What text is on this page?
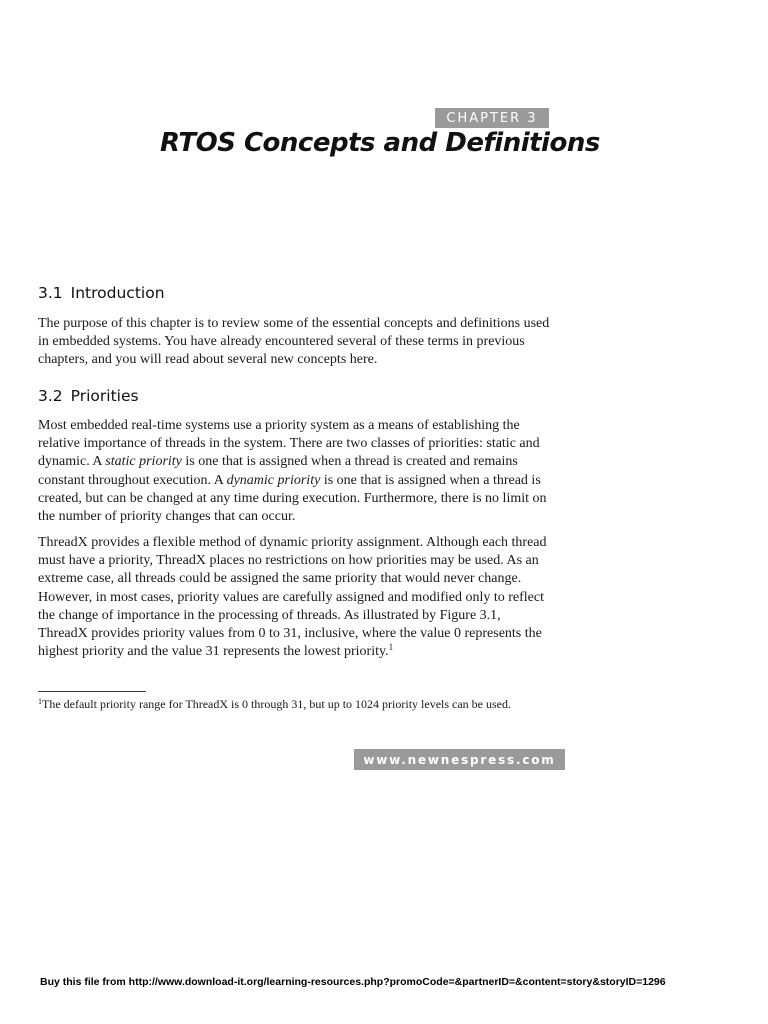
CHAPTER 3
RTOS Concepts and Definitions
3.1 Introduction

The purpose of this chapter is to review some of the essential concepts and definitions used in embedded systems. You have already encountered several of these terms in previous chapters, and you will read about several new concepts here.

3.2 Priorities

Most embedded real-time systems use a priority system as a means of establishing the relative importance of threads in the system. There are two classes of priorities: static and dynamic. A static priority is one that is assigned when a thread is created and remains constant throughout execution. A dynamic priority is one that is assigned when a thread is created, but can be changed at any time during execution. Furthermore, there is no limit on the number of priority changes that can occur.

ThreadX provides a flexible method of dynamic priority assignment. Although each thread must have a priority, ThreadX places no restrictions on how priorities may be used. As an extreme case, all threads could be assigned the same priority that would never change. However, in most cases, priority values are carefully assigned and modified only to reflect the change of importance in the processing of threads. As illustrated by Figure 3.1, ThreadX provides priority values from 0 to 31, inclusive, where the value 0 represents the highest priority and the value 31 represents the lowest priority.$^1$

$^1$The default priority range for ThreadX is 0 through 31, but up to 1024 priority levels can be used.

www.newnespress.com
Buy this file from http://www.download-it.org/learning-resources.php?promoCode=&partnerID=&content=story&storyID=1296
